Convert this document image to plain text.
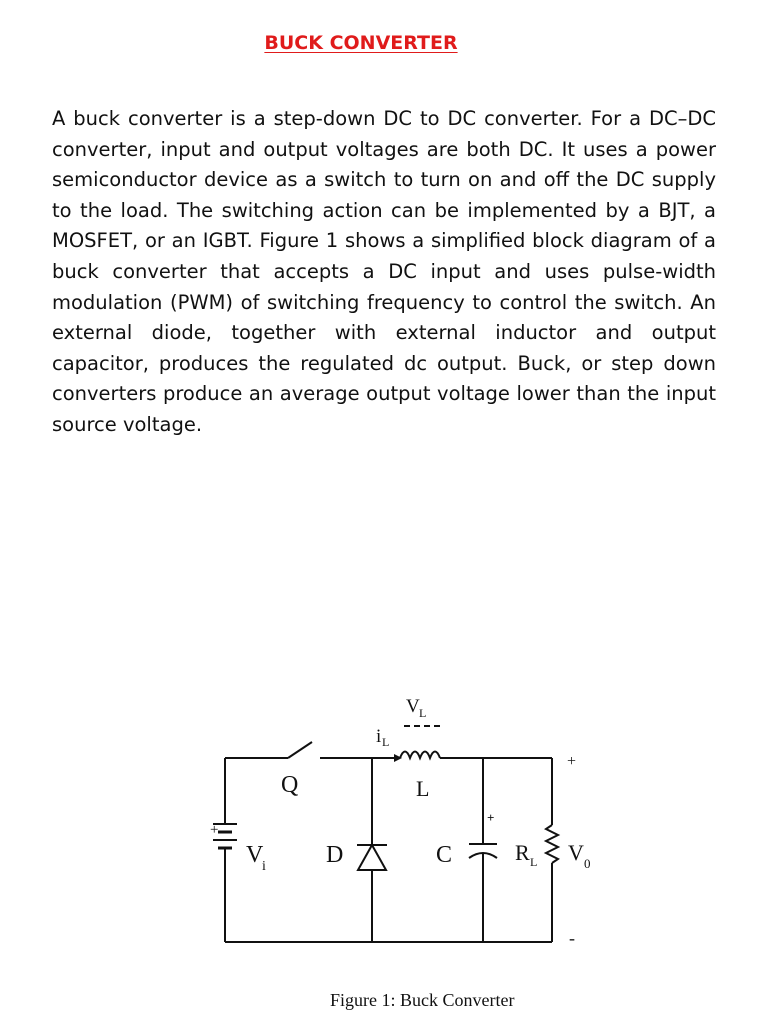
BUCK CONVERTER

A buck converter is a step-down DC to DC converter. For a DC–DC converter, input and output voltages are both DC. It uses a power semiconductor device as a switch to turn on and off the DC supply to the load. The switching action can be implemented by a BJT, a MOSFET, or an IGBT. Figure 1 shows a simplified block diagram of a buck converter that accepts a DC input and uses pulse-width modulation (PWM) of switching frequency to control the switch. An external diode, together with external inductor and output capacitor, produces the regulated dc output. Buck, or step down converters produce an average output voltage lower than the input source voltage.

V L
i L
Q	L
D	C	R L
V
i
V 0
+
+
-
+
Figure 1: Buck Converter
